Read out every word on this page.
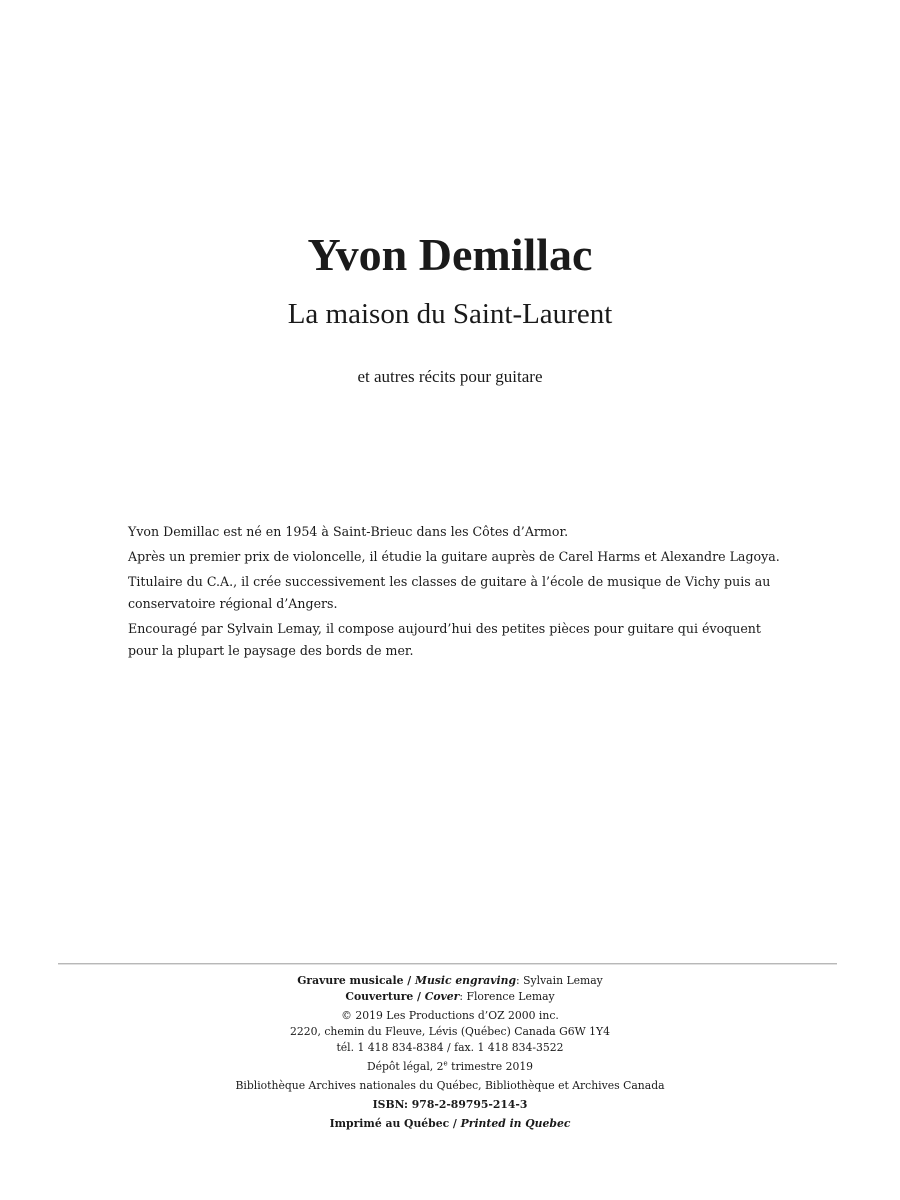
Yvon Demillac
La maison du Saint-Laurent
et autres récits pour guitare

Yvon Demillac est né en 1954 à Saint-Brieuc dans les Côtes d’Armor.

Après un premier prix de violoncelle, il étudie la guitare auprès de Carel Harms et Alexandre Lagoya.

Titulaire du C.A., il crée successivement les classes de guitare à l’école de musique de Vichy puis au conservatoire régional d’Angers.

Encouragé par Sylvain Lemay, il compose aujourd’hui des petites pièces pour guitare qui évoquent pour la plupart le paysage des bords de mer.

Gravure musicale / Music engraving: Sylvain Lemay
Couverture / Cover: Florence Lemay
© 2019 Les Productions d’OZ 2000 inc.
2220, chemin du Fleuve, Lévis (Québec) Canada G6W 1Y4
tél. 1 418 834-8384 / fax. 1 418 834-3522
Dépôt légal, 2e trimestre 2019
Bibliothèque Archives nationales du Québec, Bibliothèque et Archives Canada
ISBN: 978-2-89795-214-3
Imprimé au Québec / Printed in Quebec
